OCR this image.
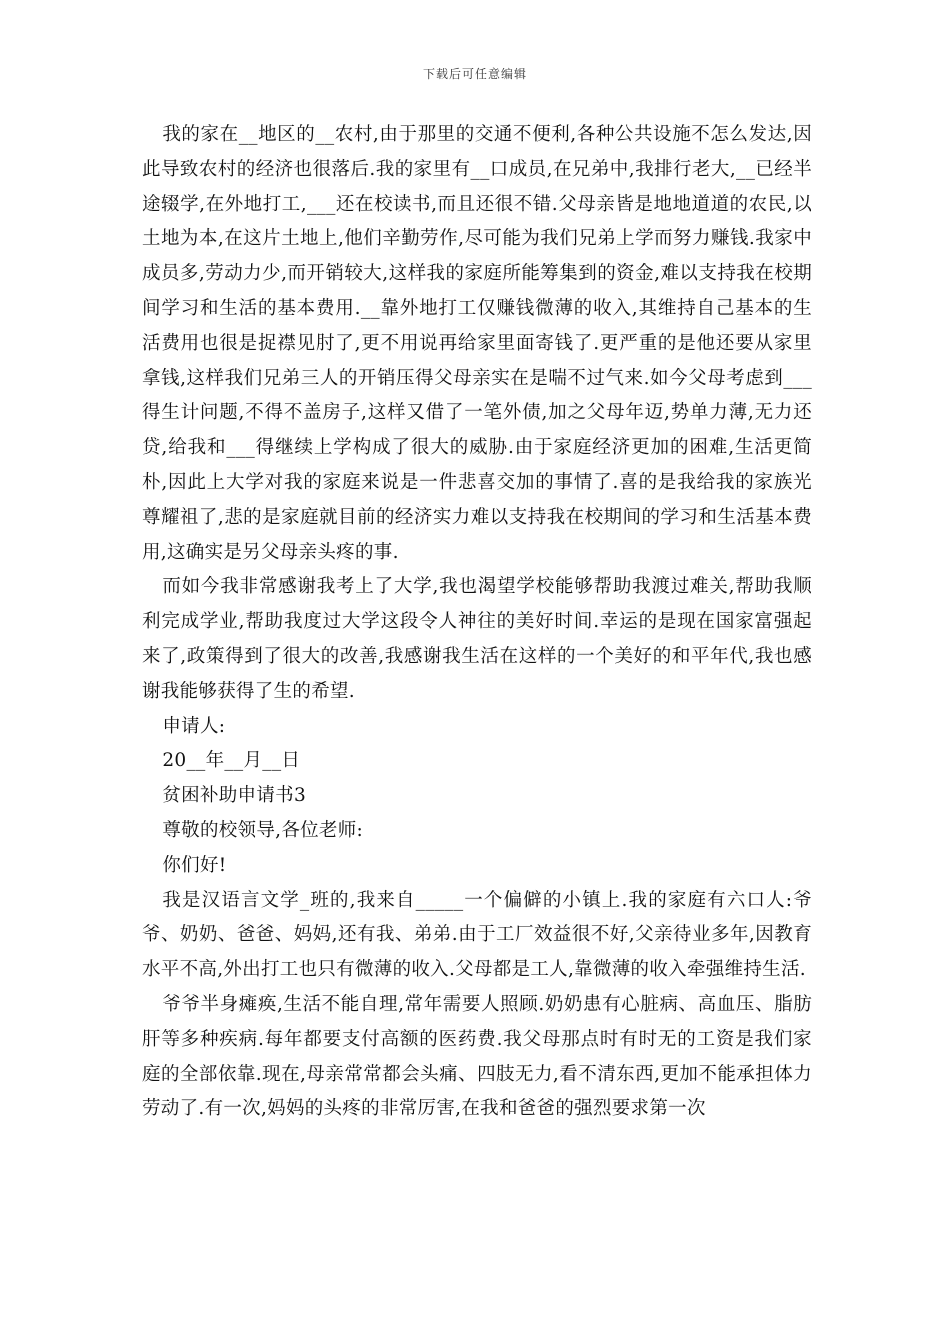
下载后可任意编辑

我的家在__地区的__农村,由于那里的交通不便利,各种公共设施不怎么发达,因此导致农村的经济也很落后.我的家里有__口成员,在兄弟中,我排行老大,__已经半途辍学,在外地打工,___还在校读书,而且还很不错.父母亲皆是地地道道的农民,以土地为本,在这片土地上,他们辛勤劳作,尽可能为我们兄弟上学而努力赚钱.我家中成员多,劳动力少,而开销较大,这样我的家庭所能筹集到的资金,难以支持我在校期间学习和生活的基本费用.__靠外地打工仅赚钱微薄的收入,其维持自己基本的生活费用也很是捉襟见肘了,更不用说再给家里面寄钱了.更严重的是他还要从家里拿钱,这样我们兄弟三人的开销压得父母亲实在是喘不过气来.如今父母考虑到___得生计问题,不得不盖房子,这样又借了一笔外债,加之父母年迈,势单力薄,无力还贷,给我和___得继续上学构成了很大的威胁.由于家庭经济更加的困难,生活更简朴,因此上大学对我的家庭来说是一件悲喜交加的事情了.喜的是我给我的家族光尊耀祖了,悲的是家庭就目前的经济实力难以支持我在校期间的学习和生活基本费用,这确实是另父母亲头疼的事.

而如今我非常感谢我考上了大学,我也渴望学校能够帮助我渡过难关,帮助我顺利完成学业,帮助我度过大学这段令人神往的美好时间.幸运的是现在国家富强起来了,政策得到了很大的改善,我感谢我生活在这样的一个美好的和平年代,我也感谢我能够获得了生的希望.

申请人:

20__年__月__日

贫困补助申请书3

尊敬的校领导,各位老师:

你们好!

我是汉语言文学_班的,我来自_____一个偏僻的小镇上.我的家庭有六口人:爷爷、奶奶、爸爸、妈妈,还有我、弟弟.由于工厂效益很不好,父亲待业多年,因教育水平不高,外出打工也只有微薄的收入.父母都是工人,靠微薄的收入牵强维持生活.

爷爷半身瘫痪,生活不能自理,常年需要人照顾.奶奶患有心脏病、高血压、脂肪肝等多种疾病.每年都要支付高额的医药费.我父母那点时有时无的工资是我们家庭的全部依靠.现在,母亲常常都会头痛、四肢无力,看不清东西,更加不能承担体力劳动了.有一次,妈妈的头疼的非常厉害,在我和爸爸的强烈要求第一次
